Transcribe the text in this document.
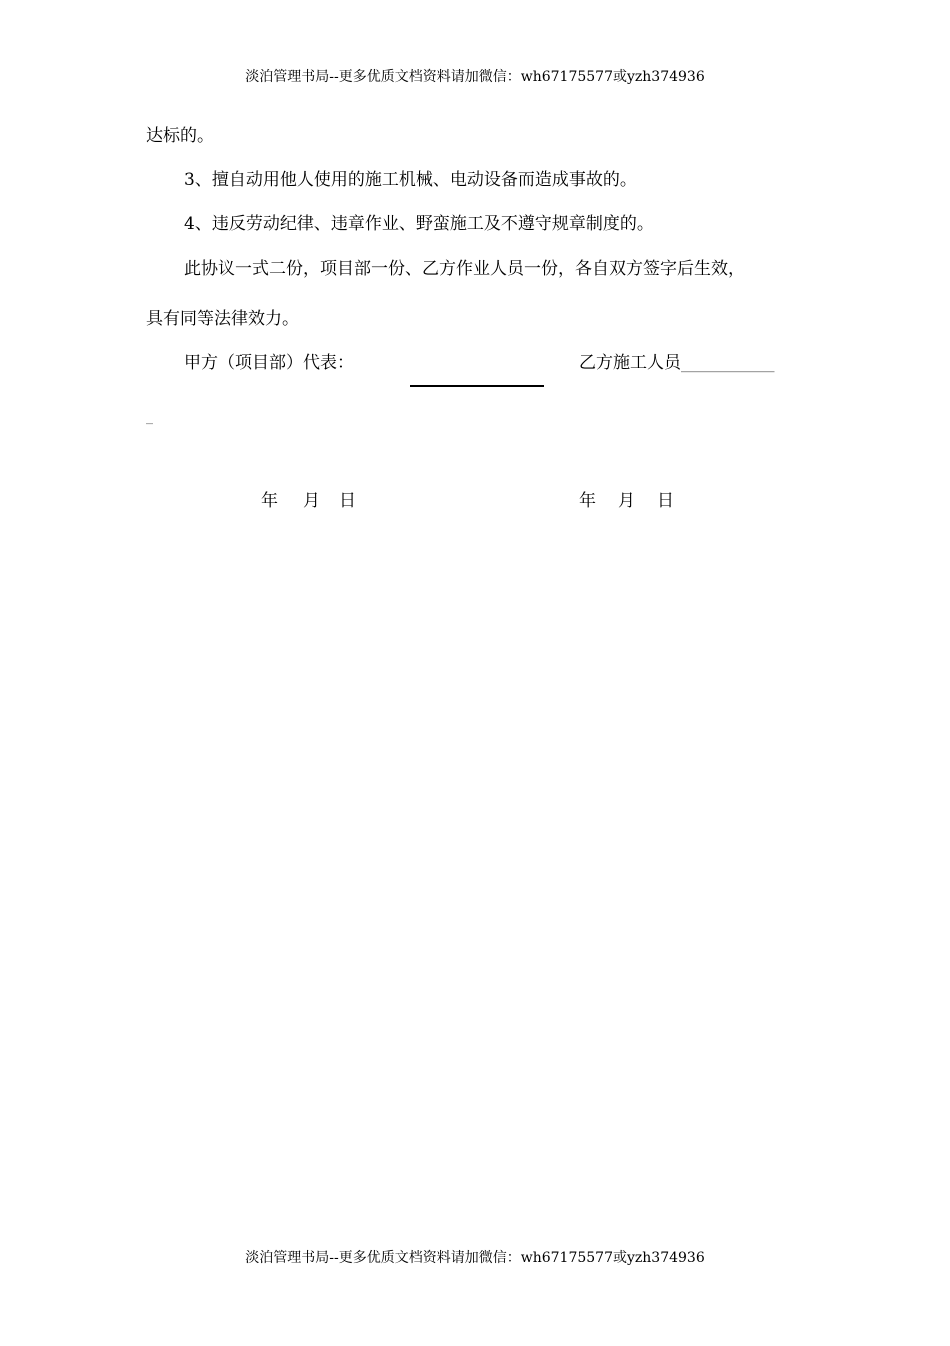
淡泊管理书局--更多优质文档资料请加微信：wh67175577或yzh374936
达标的。
3、擅自动用他人使用的施工机械、电动设备而造成事故的。
4、违反劳动纪律、违章作业、野蛮施工及不遵守规章制度的。
此协议一式二份，项目部一份、乙方作业人员一份，各自双方签字后生效，
具有同等法律效力。
甲方（项目部）代表：	乙方施工人员___________
_
年 月 日	年 月 日
淡泊管理书局--更多优质文档资料请加微信：wh67175577或yzh374936
